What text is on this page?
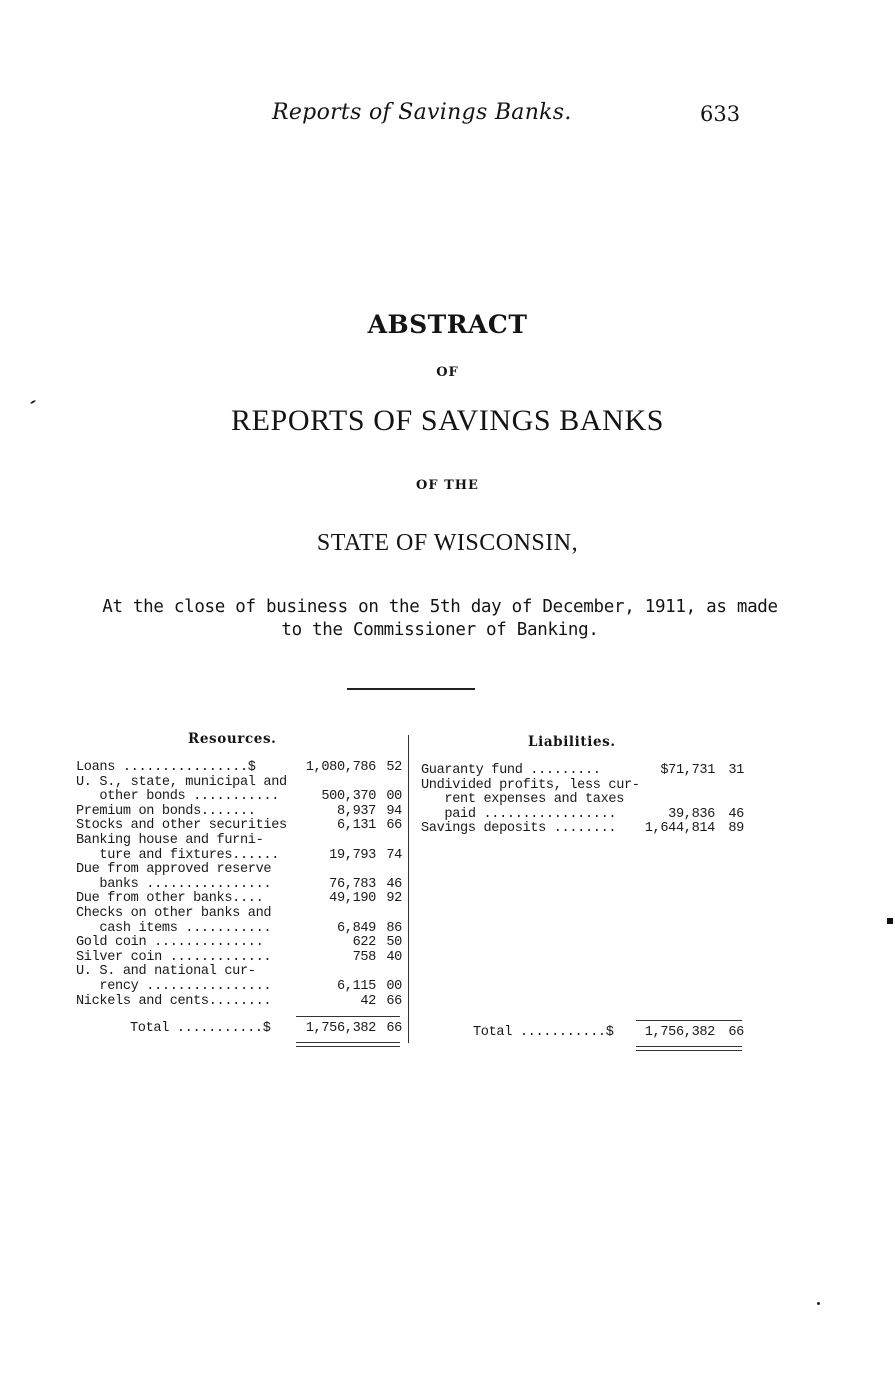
Reports of Savings Banks.	633
ABSTRACT
OF
REPORTS OF SAVINGS BANKS
OF THE
STATE OF WISCONSIN,
At the close of business on the 5th day of December, 1911, as made
to the Commissioner of Banking.
Resources.	Liabilities.
Loans ................$	1,080,786 52
U. S., state, municipal and
other bonds ...........	500,370 00
Premium on bonds.......	8,937 94
Stocks and other securities	6,131 66
Banking house and furni-
ture and fixtures......	19,793 74
Due from approved reserve
banks ................	76,783 46
Due from other banks....	49,190 92
Checks on other banks and
cash items ...........	6,849 86
Gold coin ..............	622 50
Silver coin .............	758 40
U. S. and national cur-
rency ................	6,115 00
Nickels and cents........	42 66
Total ...........$	1,756,382 66
Guaranty fund .........	$71,731 31
Undivided profits, less cur-
rent expenses and taxes
paid .................	39,836 46
Savings deposits ........	1,644,814 89
Total ...........$	1,756,382 66
